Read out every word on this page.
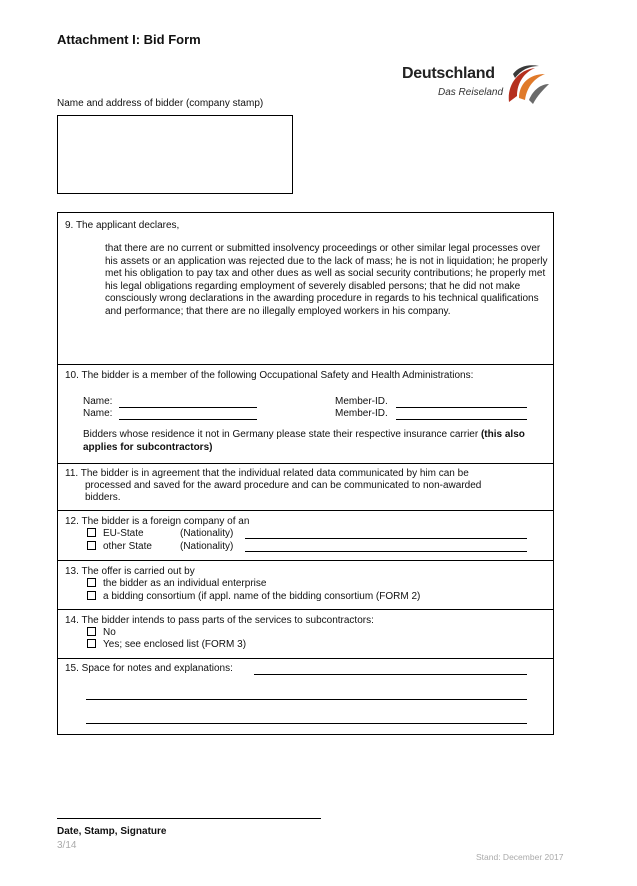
Attachment I: Bid Form
Deutschland
Das Reiseland
Name and address of bidder (company stamp)
9. The applicant declares,
that there are no current or submitted insolvency proceedings or other similar legal processes over his assets or an application was rejected due to the lack of mass; he is not in liquidation; he properly met his obligation to pay tax and other dues as well as social security contributions; he properly met his legal obligations regarding employment of severely disabled persons; that he did not make consciously wrong declarations in the awarding procedure in regards to his technical qualifications and performance; that there are no illegally employed workers in his company.
10. The bidder is a member of the following Occupational Safety and Health Administrations:
Name:
Name:
Member-ID.
Member-ID.
Bidders whose residence it not in Germany please state their respective insurance carrier (this also applies for subcontractors)
11. The bidder is in agreement that the individual related data communicated by him can be
processed and saved for the award procedure and can be communicated to non-awarded
bidders.
12. The bidder is a foreign company of an
EU-State	(Nationality)
other State	(Nationality)
13. The offer is carried out by
the bidder as an individual enterprise
a bidding consortium (if appl. name of the bidding consortium (FORM 2)
14. The bidder intends to pass parts of the services to subcontractors:
No
Yes; see enclosed list (FORM 3)
15. Space for notes and explanations:
Date, Stamp, Signature
3/14
Stand: December 2017
